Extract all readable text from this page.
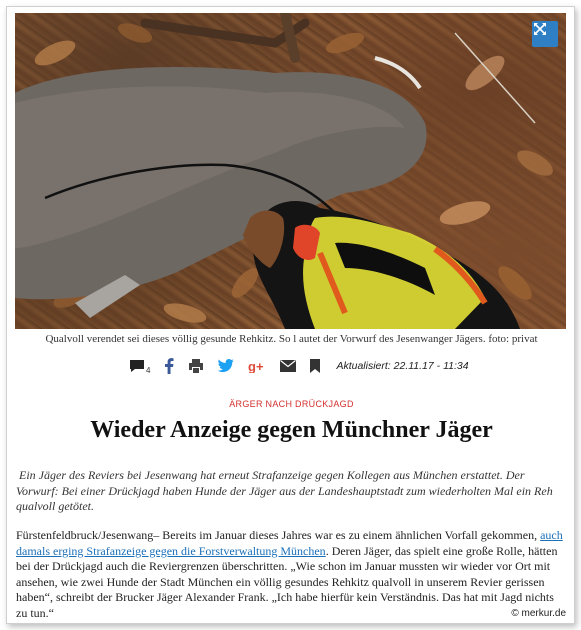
Qualvoll verendet sei dieses völlig gesunde Rehkitz. So l autet der Vorwurf des Jesenwanger Jägers. foto: privat
4	g+	Aktualisiert: 22.11.17 - 11:34
ÄRGER NACH DRÜCKJAGD
Wieder Anzeige gegen Münchner Jäger

Ein Jäger des Reviers bei Jesenwang hat erneut Strafanzeige gegen Kollegen aus München erstattet. Der Vorwurf: Bei einer Drückjagd haben Hunde der Jäger aus der Landeshauptstadt zum wiederholten Mal ein Reh qualvoll getötet.

Fürstenfeldbruck/Jesenwang– Bereits im Januar dieses Jahres war es zu einem ähnlichen Vorfall gekommen, auch damals erging Strafanzeige gegen die Forstverwaltung München. Deren Jäger, das spielt eine große Rolle, hätten bei der Drückjagd auch die Reviergrenzen überschritten. „Wie schon im Januar mussten wir wieder vor Ort mit ansehen, wie zwei Hunde der Stadt München ein völlig gesundes Rehkitz qualvoll in unserem Revier gerissen haben“, schreibt der Brucker Jäger Alexander Frank. „Ich habe hierfür kein Verständnis. Das hat mit Jagd nichts zu tun.“	© merkur.de
